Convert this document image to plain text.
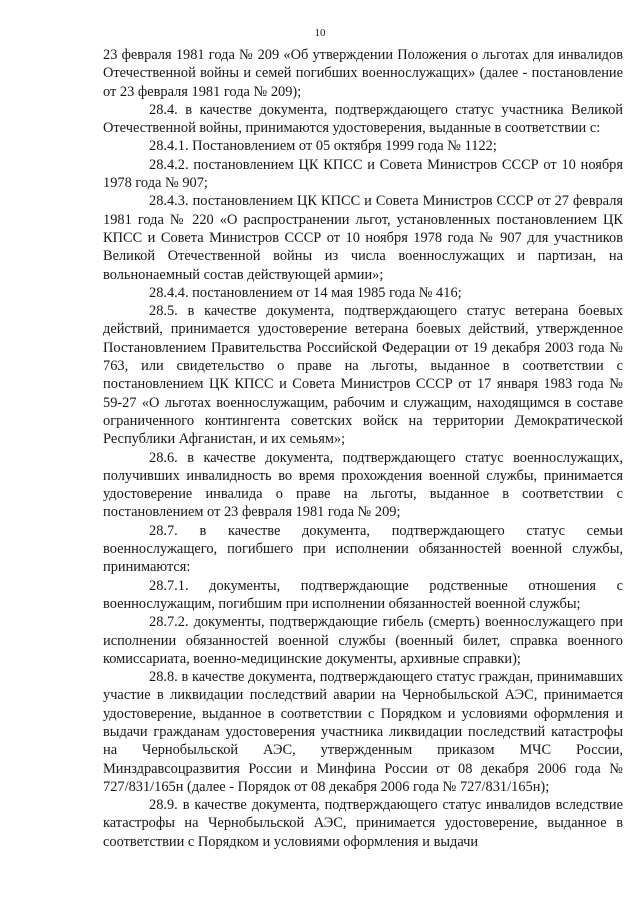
10

23 февраля 1981 года № 209 «Об утверждении Положения о льготах для инвалидов Отечественной войны и семей погибших военнослужащих» (далее - постановление от 23 февраля 1981 года № 209);

28.4. в качестве документа, подтверждающего статус участника Великой Отечественной войны, принимаются удостоверения, выданные в соответствии с:

28.4.1. Постановлением от 05 октября 1999 года № 1122;

28.4.2. постановлением ЦК КПСС и Совета Министров СССР от 10 ноября 1978 года № 907;

28.4.3. постановлением ЦК КПСС и Совета Министров СССР от 27 февраля 1981 года № 220 «О распространении льгот, установленных постановлением ЦК КПСС и Совета Министров СССР от 10 ноября 1978 года № 907 для участников Великой Отечественной войны из числа военнослужащих и партизан, на вольнонаемный состав действующей армии»;

28.4.4. постановлением от 14 мая 1985 года № 416;

28.5. в качестве документа, подтверждающего статус ветерана боевых действий, принимается удостоверение ветерана боевых действий, утвержденное Постановлением Правительства Российской Федерации от 19 декабря 2003 года № 763, или свидетельство о праве на льготы, выданное в соответствии с постановлением ЦК КПСС и Совета Министров СССР от 17 января 1983 года № 59-27 «О льготах военнослужащим, рабочим и служащим, находящимся в составе ограниченного контингента советских войск на территории Демократической Республики Афганистан, и их семьям»;

28.6. в качестве документа, подтверждающего статус военнослужащих, получивших инвалидность во время прохождения военной службы, принимается удостоверение инвалида о праве на льготы, выданное в соответствии с постановлением от 23 февраля 1981 года № 209;

28.7. в качестве документа, подтверждающего статус семьи военнослужащего, погибшего при исполнении обязанностей военной службы, принимаются:

28.7.1. документы, подтверждающие родственные отношения с военнослужащим, погибшим при исполнении обязанностей военной службы;

28.7.2. документы, подтверждающие гибель (смерть) военнослужащего при исполнении обязанностей военной службы (военный билет, справка военного комиссариата, военно-медицинские документы, архивные справки);

28.8. в качестве документа, подтверждающего статус граждан, принимавших участие в ликвидации последствий аварии на Чернобыльской АЭС, принимается удостоверение, выданное в соответствии с Порядком и условиями оформления и выдачи гражданам удостоверения участника ликвидации последствий катастрофы на Чернобыльской АЭС, утвержденным приказом МЧС России, Минздравсоцразвития России и Минфина России от 08 декабря 2006 года № 727/831/165н (далее - Порядок от 08 декабря 2006 года № 727/831/165н);

28.9. в качестве документа, подтверждающего статус инвалидов вследствие катастрофы на Чернобыльской АЭС, принимается удостоверение, выданное в соответствии с Порядком и условиями оформления и выдачи
